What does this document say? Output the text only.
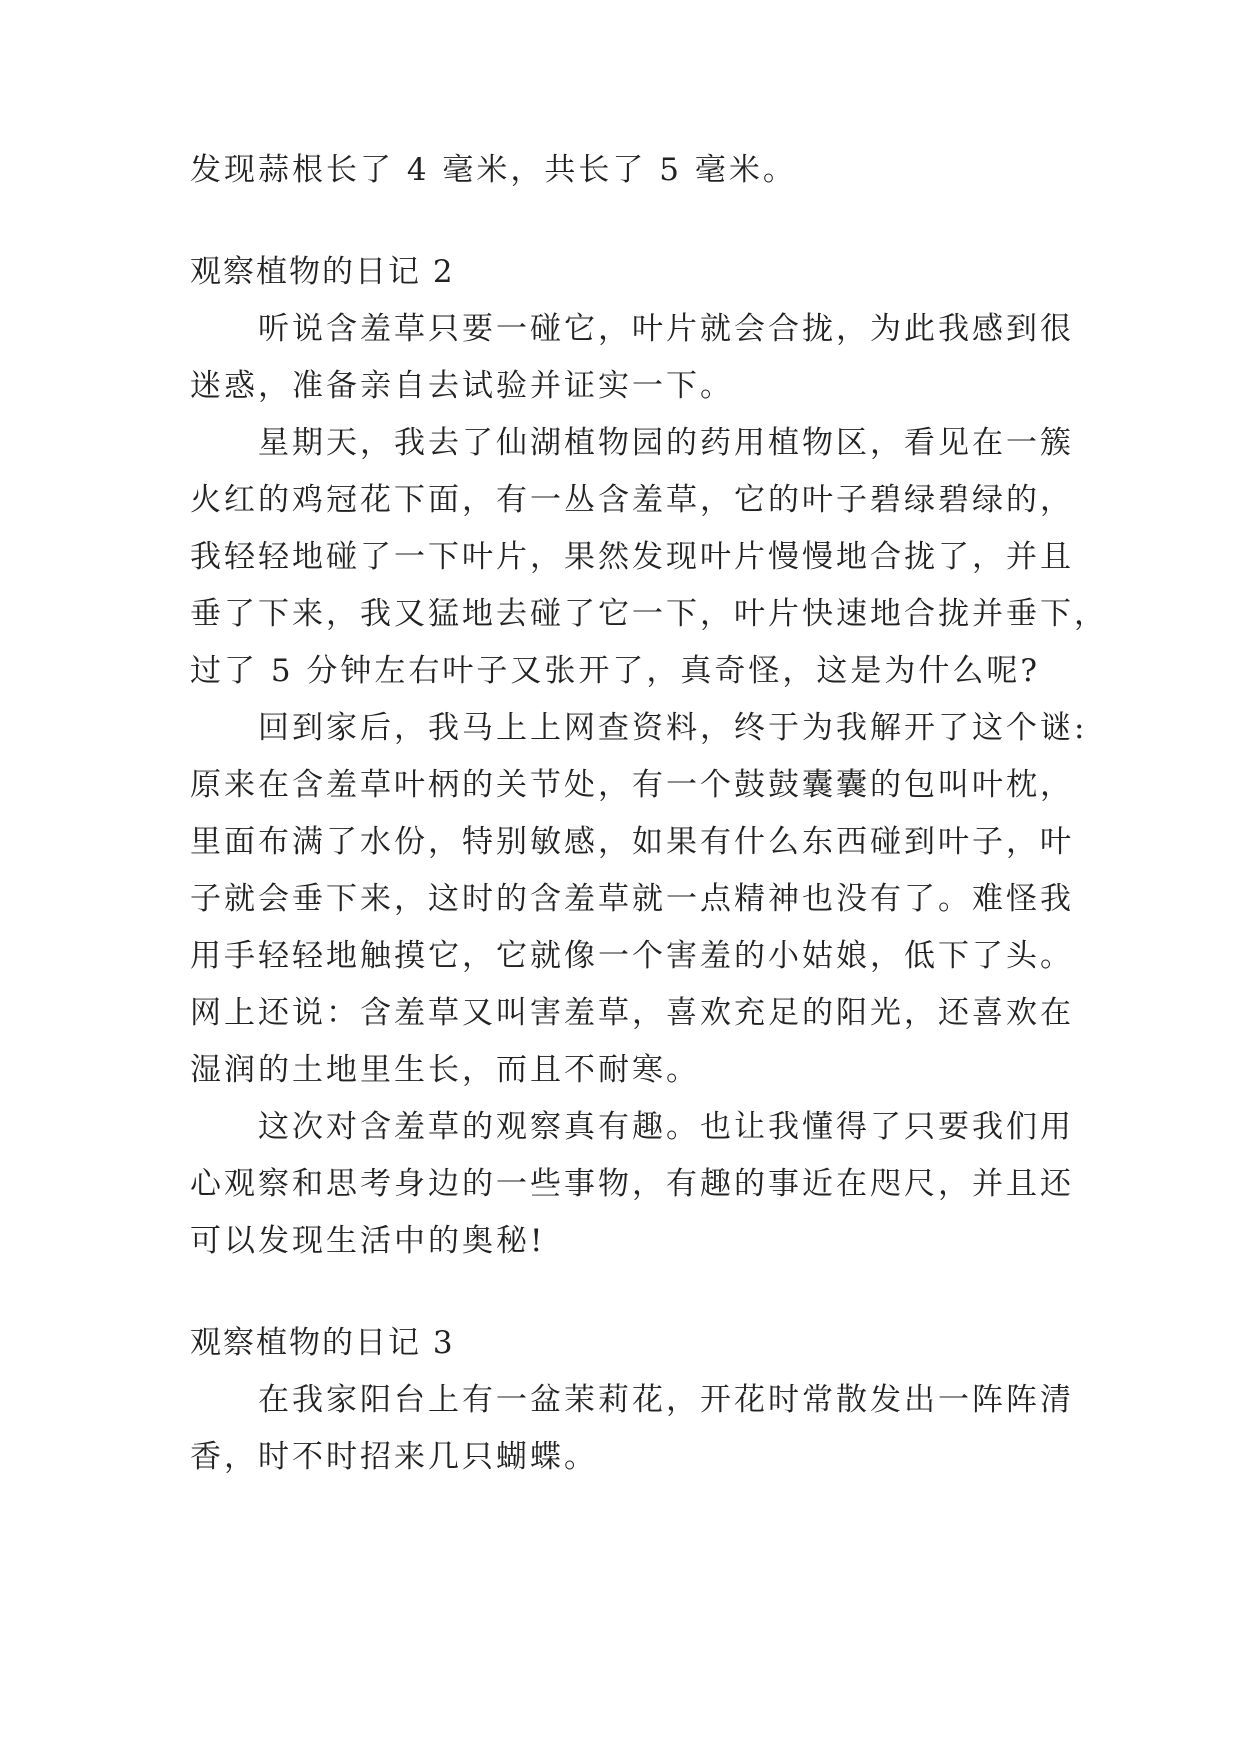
发现蒜根长了 4 毫米，共长了 5 毫米。
观察植物的日记 2
听说含羞草只要一碰它，叶片就会合拢，为此我感到很
迷惑，准备亲自去试验并证实一下。
星期天，我去了仙湖植物园的药用植物区，看见在一簇
火红的鸡冠花下面，有一丛含羞草，它的叶子碧绿碧绿的，
我轻轻地碰了一下叶片，果然发现叶片慢慢地合拢了，并且
垂了下来，我又猛地去碰了它一下，叶片快速地合拢并垂下，
过了 5 分钟左右叶子又张开了，真奇怪，这是为什么呢?
回到家后，我马上上网查资料，终于为我解开了这个谜:
原来在含羞草叶柄的关节处，有一个鼓鼓囊囊的包叫叶枕，
里面布满了水份，特别敏感，如果有什么东西碰到叶子，叶
子就会垂下来，这时的含羞草就一点精神也没有了。难怪我
用手轻轻地触摸它，它就像一个害羞的小姑娘，低下了头。
网上还说：含羞草又叫害羞草，喜欢充足的阳光，还喜欢在
湿润的土地里生长，而且不耐寒。
这次对含羞草的观察真有趣。也让我懂得了只要我们用
心观察和思考身边的一些事物，有趣的事近在咫尺，并且还
可以发现生活中的奥秘!
观察植物的日记 3
在我家阳台上有一盆茉莉花，开花时常散发出一阵阵清
香，时不时招来几只蝴蝶。
